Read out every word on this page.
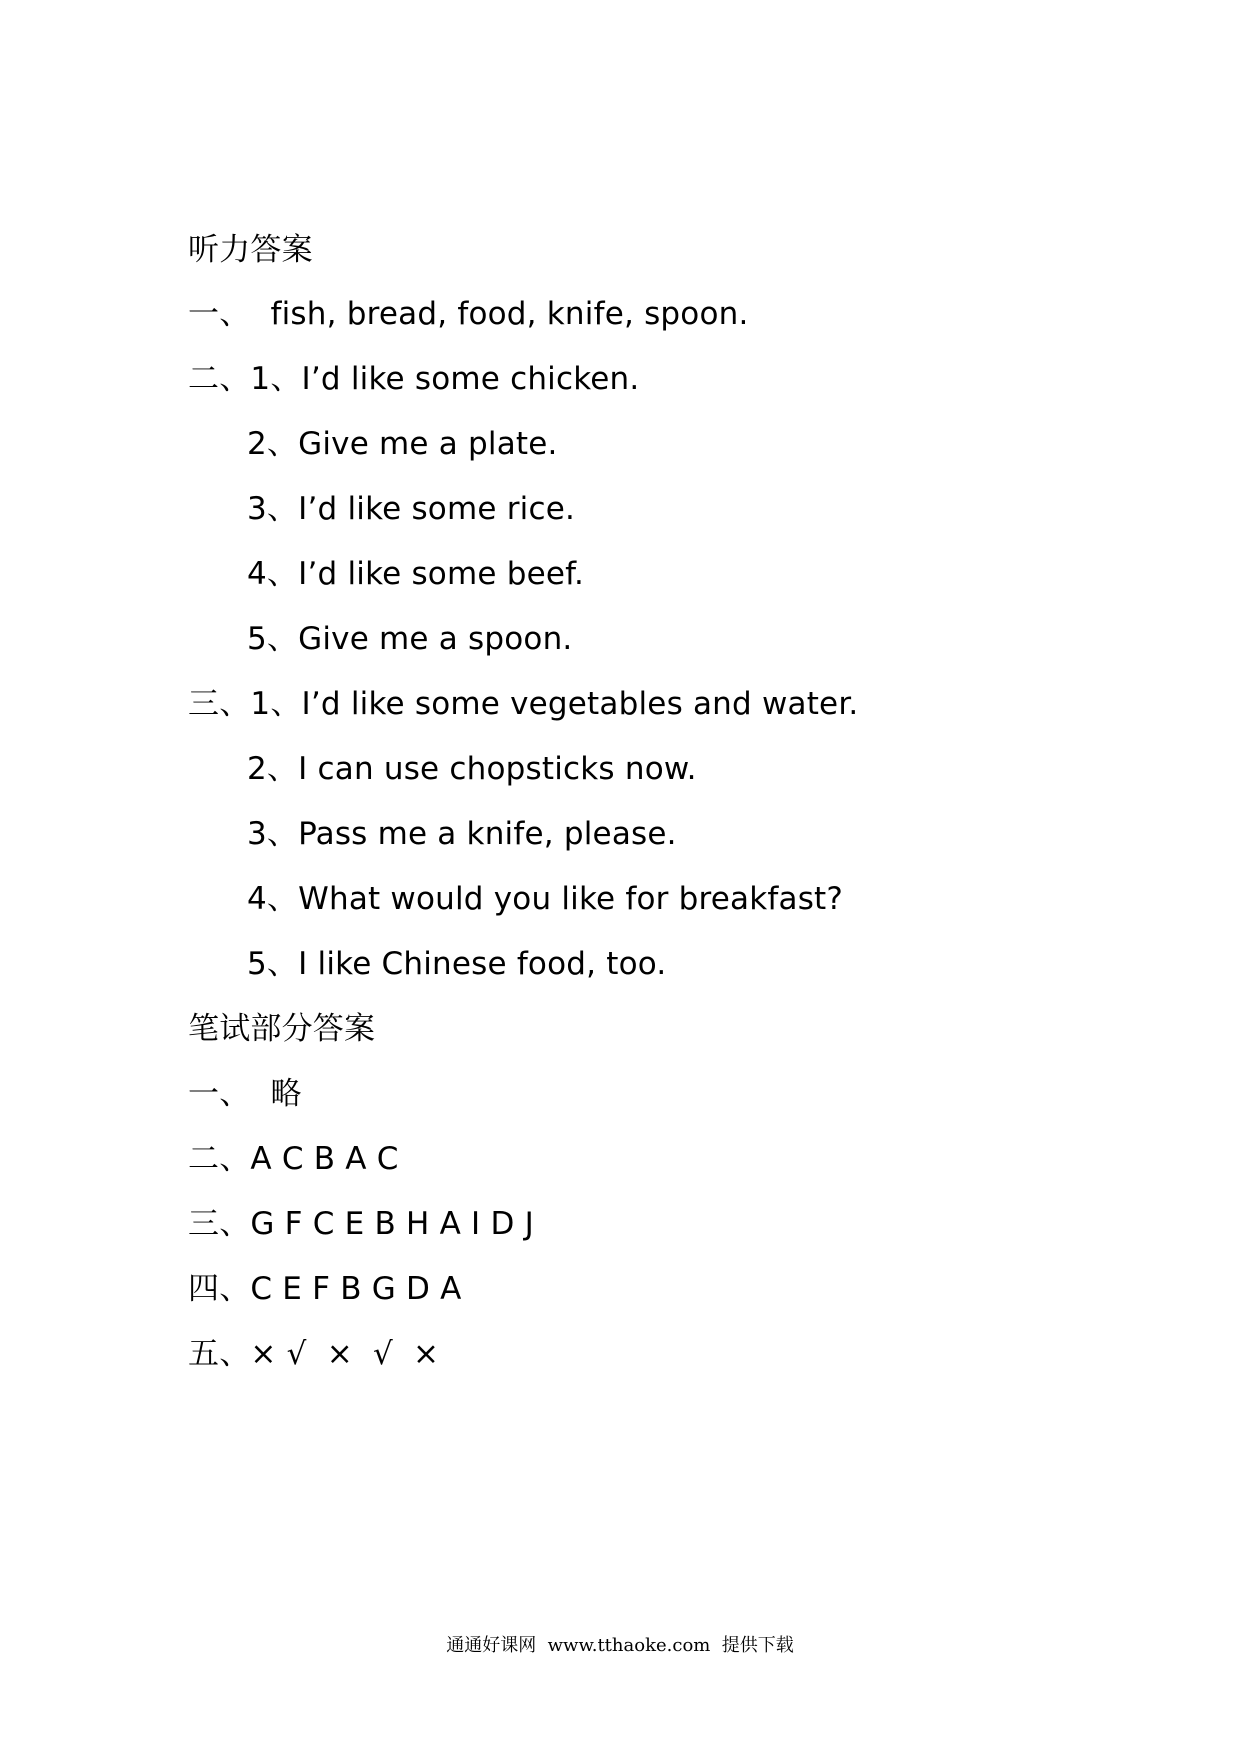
听力答案
一、  fish, bread, food, knife, spoon.
二、1、I’d like some chicken.
2、Give me a plate.
3、I’d like some rice.
4、I’d like some beef.
5、Give me a spoon.
三、1、I’d like some vegetables and water.
2、I can use chopsticks now.
3、Pass me a knife, please.
4、What would you like for breakfast?
5、I like Chinese food, too.
笔试部分答案
一、  略
二、A C B A C
三、G F C E B H A I D J
四、C E F B G D A
五、× √  ×  √  ×
通通好课网  www.tthaoke.com  提供下载
